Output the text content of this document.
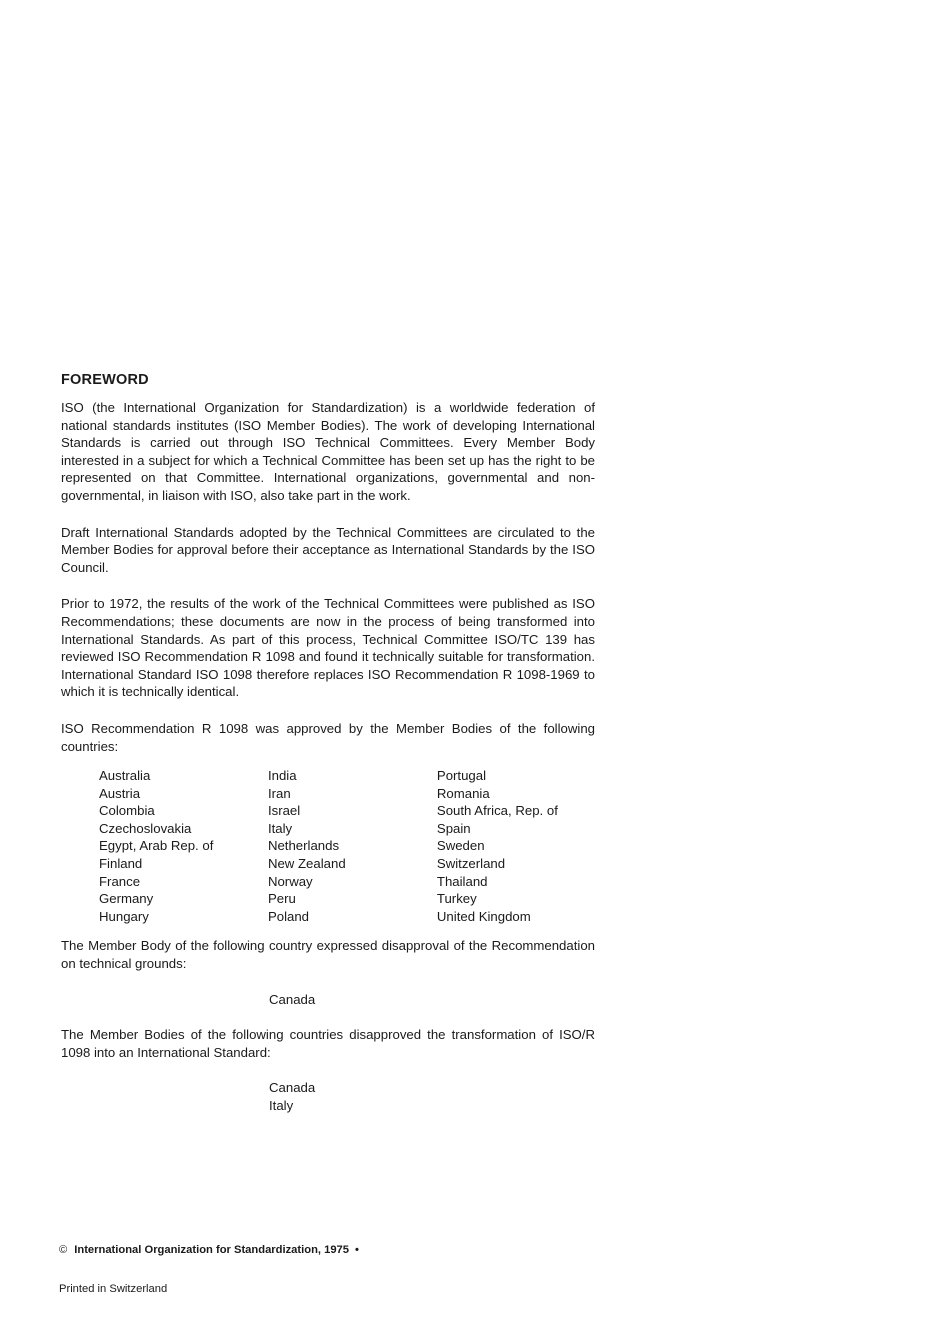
FOREWORD

ISO (the International Organization for Standardization) is a worldwide federation of national standards institutes (ISO Member Bodies). The work of developing International Standards is carried out through ISO Technical Committees. Every Member Body interested in a subject for which a Technical Committee has been set up has the right to be represented on that Committee. International organizations, governmental and non-governmental, in liaison with ISO, also take part in the work.

Draft International Standards adopted by the Technical Committees are circulated to the Member Bodies for approval before their acceptance as International Standards by the ISO Council.

Prior to 1972, the results of the work of the Technical Committees were published as ISO Recommendations; these documents are now in the process of being transformed into International Standards. As part of this process, Technical Committee ISO/TC 139 has reviewed ISO Recommendation R 1098 and found it technically suitable for transformation. International Standard ISO 1098 therefore replaces ISO Recommendation R 1098-1969 to which it is technically identical.

ISO Recommendation R 1098 was approved by the Member Bodies of the following countries:

Australia
Austria
Colombia
Czechoslovakia
Egypt, Arab Rep. of
Finland
France
Germany
Hungary
India
Iran
Israel
Italy
Netherlands
New Zealand
Norway
Peru
Poland
Portugal
Romania
South Africa, Rep. of
Spain
Sweden
Switzerland
Thailand
Turkey
United Kingdom

The Member Body of the following country expressed disapproval of the Recommendation on technical grounds:

Canada

The Member Bodies of the following countries disapproved the transformation of ISO/R 1098 into an International Standard:

Canada
Italy
© International Organization for Standardization, 1975 •
Printed in Switzerland
